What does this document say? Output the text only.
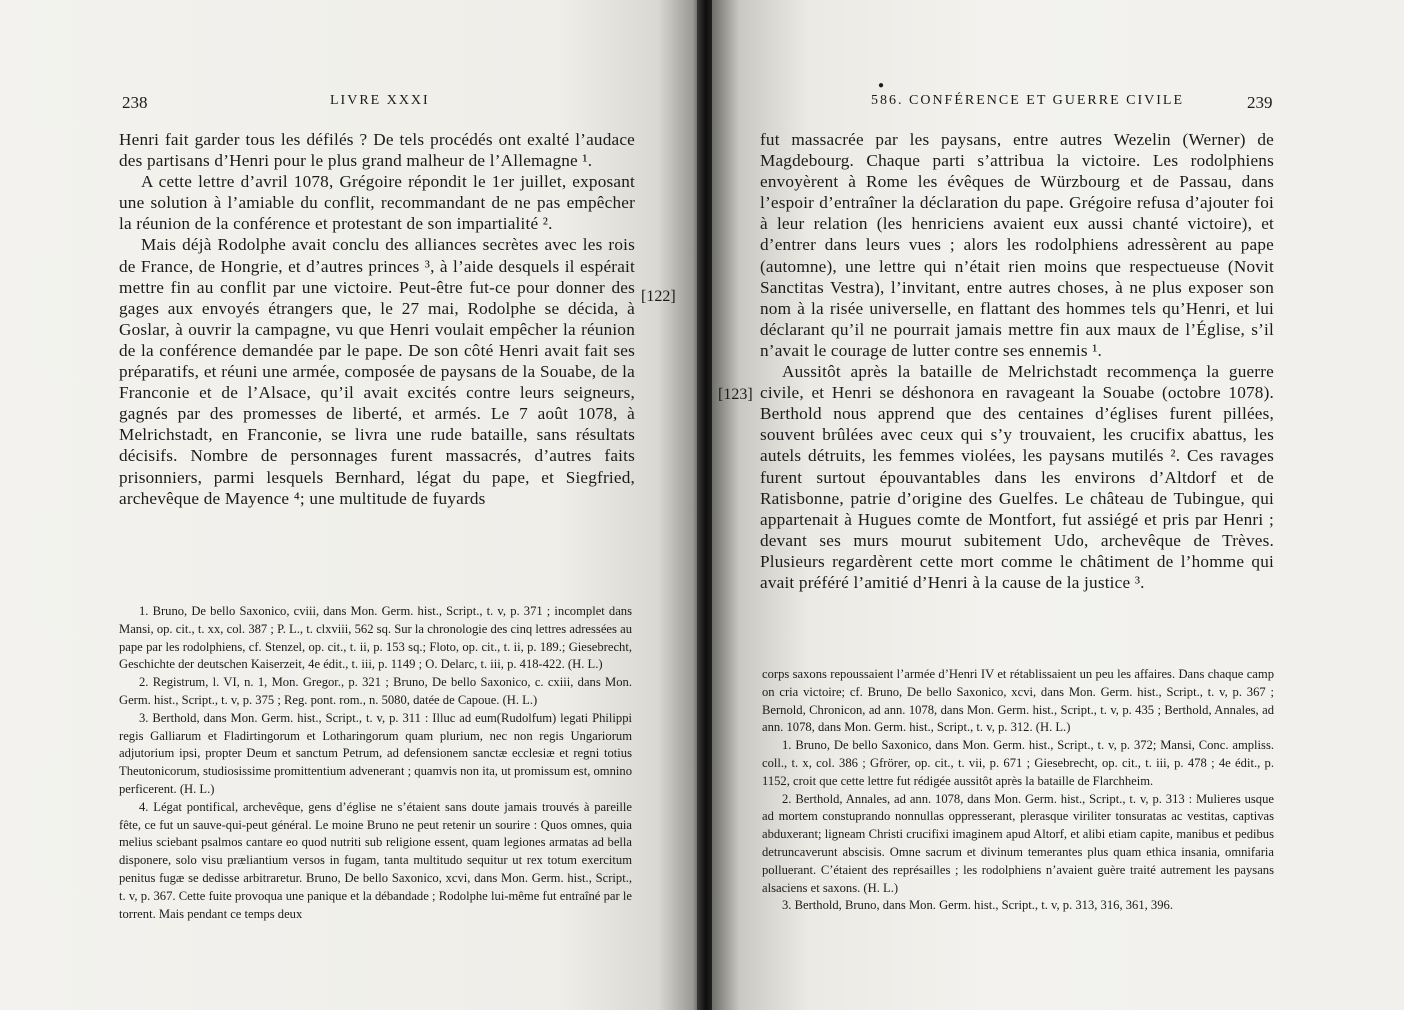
238	LIVRE XXXI

Henri fait garder tous les défilés ? De tels procédés ont exalté l’audace des partisans d’Henri pour le plus grand malheur de l’Allemagne ¹.

A cette lettre d’avril 1078, Grégoire répondit le 1er juillet, exposant une solution à l’amiable du conflit, recommandant de ne pas empêcher la réunion de la conférence et protestant de son impartialité ².

Mais déjà Rodolphe avait conclu des alliances secrètes avec les rois de France, de Hongrie, et d’autres princes ³, à l’aide desquels il espérait mettre fin au conflit par une victoire. Peut-être fut-ce pour donner des gages aux envoyés étrangers que, le 27 mai, Rodolphe se décida, à Goslar, à ouvrir la campagne, vu que Henri voulait empêcher la réunion de la conférence demandée par le pape. De son côté Henri avait fait ses préparatifs, et réuni une armée, composée de paysans de la Souabe, de la Franconie et de l’Alsace, qu’il avait excités contre leurs seigneurs, gagnés par des promesses de liberté, et armés. Le 7 août 1078, à Melrichstadt, en Franconie, se livra une rude bataille, sans résultats décisifs. Nombre de personnages furent massacrés, d’autres faits prisonniers, parmi lesquels Bernhard, légat du pape, et Siegfried, archevêque de Mayence ⁴; une multitude de fuyards

[122]

1. Bruno, De bello Saxonico, cviii, dans Mon. Germ. hist., Script., t. v, p. 371 ; incomplet dans Mansi, op. cit., t. xx, col. 387 ; P. L., t. clxviii, 562 sq. Sur la chronologie des cinq lettres adressées au pape par les rodolphiens, cf. Stenzel, op. cit., t. ii, p. 153 sq.; Floto, op. cit., t. ii, p. 189.; Giesebrecht, Geschichte der deutschen Kaiserzeit, 4e édit., t. iii, p. 1149 ; O. Delarc, t. iii, p. 418-422. (H. L.)

2. Registrum, l. VI, n. 1, Mon. Gregor., p. 321 ; Bruno, De bello Saxonico, c. cxiii, dans Mon. Germ. hist., Script., t. v, p. 375 ; Reg. pont. rom., n. 5080, datée de Capoue. (H. L.)

3. Berthold, dans Mon. Germ. hist., Script., t. v, p. 311 : Illuc ad eum(Rudolfum) legati Philippi regis Galliarum et Fladirtingorum et Lotharingorum quam plurium, nec non regis Ungariorum adjutorium ipsi, propter Deum et sanctum Petrum, ad defensionem sanctæ ecclesiæ et regni totius Theutonicorum, studiosissime promittentium advenerant ; quamvis non ita, ut promissum est, omnino perficerent. (H. L.)

4. Légat pontifical, archevêque, gens d’église ne s’étaient sans doute jamais trouvés à pareille fête, ce fut un sauve-qui-peut général. Le moine Bruno ne peut retenir un sourire : Quos omnes, quia melius sciebant psalmos cantare eo quod nutriti sub religione essent, quam legiones armatas ad bella disponere, solo visu præliantium versos in fugam, tanta multitudo sequitur ut rex totum exercitum penitus fugæ se dedisse arbitraretur. Bruno, De bello Saxonico, xcvi, dans Mon. Germ. hist., Script., t. v, p. 367. Cette fuite provoqua une panique et la débandade ; Rodolphe lui-même fut entraîné par le torrent. Mais pendant ce temps deux

●
586. CONFÉRENCE ET GUERRE CIVILE	239
[123]

fut massacrée par les paysans, entre autres Wezelin (Werner) de Magdebourg. Chaque parti s’attribua la victoire. Les rodolphiens envoyèrent à Rome les évêques de Würzbourg et de Passau, dans l’espoir d’entraîner la déclaration du pape. Grégoire refusa d’ajouter foi à leur relation (les henriciens avaient eux aussi chanté victoire), et d’entrer dans leurs vues ; alors les rodolphiens adressèrent au pape (automne), une lettre qui n’était rien moins que respectueuse (Novit Sanctitas Vestra), l’invitant, entre autres choses, à ne plus exposer son nom à la risée universelle, en flattant des hommes tels qu’Henri, et lui déclarant qu’il ne pourrait jamais mettre fin aux maux de l’Église, s’il n’avait le courage de lutter contre ses ennemis ¹.

Aussitôt après la bataille de Melrichstadt recommença la guerre civile, et Henri se déshonora en ravageant la Souabe (octobre 1078). Berthold nous apprend que des centaines d’églises furent pillées, souvent brûlées avec ceux qui s’y trouvaient, les crucifix abattus, les autels détruits, les femmes violées, les paysans mutilés ². Ces ravages furent surtout épouvantables dans les environs d’Altdorf et de Ratisbonne, patrie d’origine des Guelfes. Le château de Tubingue, qui appartenait à Hugues comte de Montfort, fut assiégé et pris par Henri ; devant ses murs mourut subitement Udo, archevêque de Trèves. Plusieurs regardèrent cette mort comme le châtiment de l’homme qui avait préféré l’amitié d’Henri à la cause de la justice ³.

corps saxons repoussaient l’armée d’Henri IV et rétablissaient un peu les affaires. Dans chaque camp on cria victoire; cf. Bruno, De bello Saxonico, xcvi, dans Mon. Germ. hist., Script., t. v, p. 367 ; Bernold, Chronicon, ad ann. 1078, dans Mon. Germ. hist., Script., t. v, p. 435 ; Berthold, Annales, ad ann. 1078, dans Mon. Germ. hist., Script., t. v, p. 312. (H. L.)

1. Bruno, De bello Saxonico, dans Mon. Germ. hist., Script., t. v, p. 372; Mansi, Conc. ampliss. coll., t. x, col. 386 ; Gfrörer, op. cit., t. vii, p. 671 ; Giesebrecht, op. cit., t. iii, p. 478 ; 4e édit., p. 1152, croit que cette lettre fut rédigée aussitôt après la bataille de Flarchheim.

2. Berthold, Annales, ad ann. 1078, dans Mon. Germ. hist., Script., t. v, p. 313 : Mulieres usque ad mortem constuprando nonnullas oppresserant, plerasque viriliter tonsuratas ac vestitas, captivas abduxerant; ligneam Christi crucifixi imaginem apud Altorf, et alibi etiam capite, manibus et pedibus detruncaverunt abscisis. Omne sacrum et divinum temerantes plus quam ethica insania, omnifaria polluerant. C’étaient des représailles ; les rodolphiens n’avaient guère traité autrement les paysans alsaciens et saxons. (H. L.)

3. Berthold, Bruno, dans Mon. Germ. hist., Script., t. v, p. 313, 316, 361, 396.
